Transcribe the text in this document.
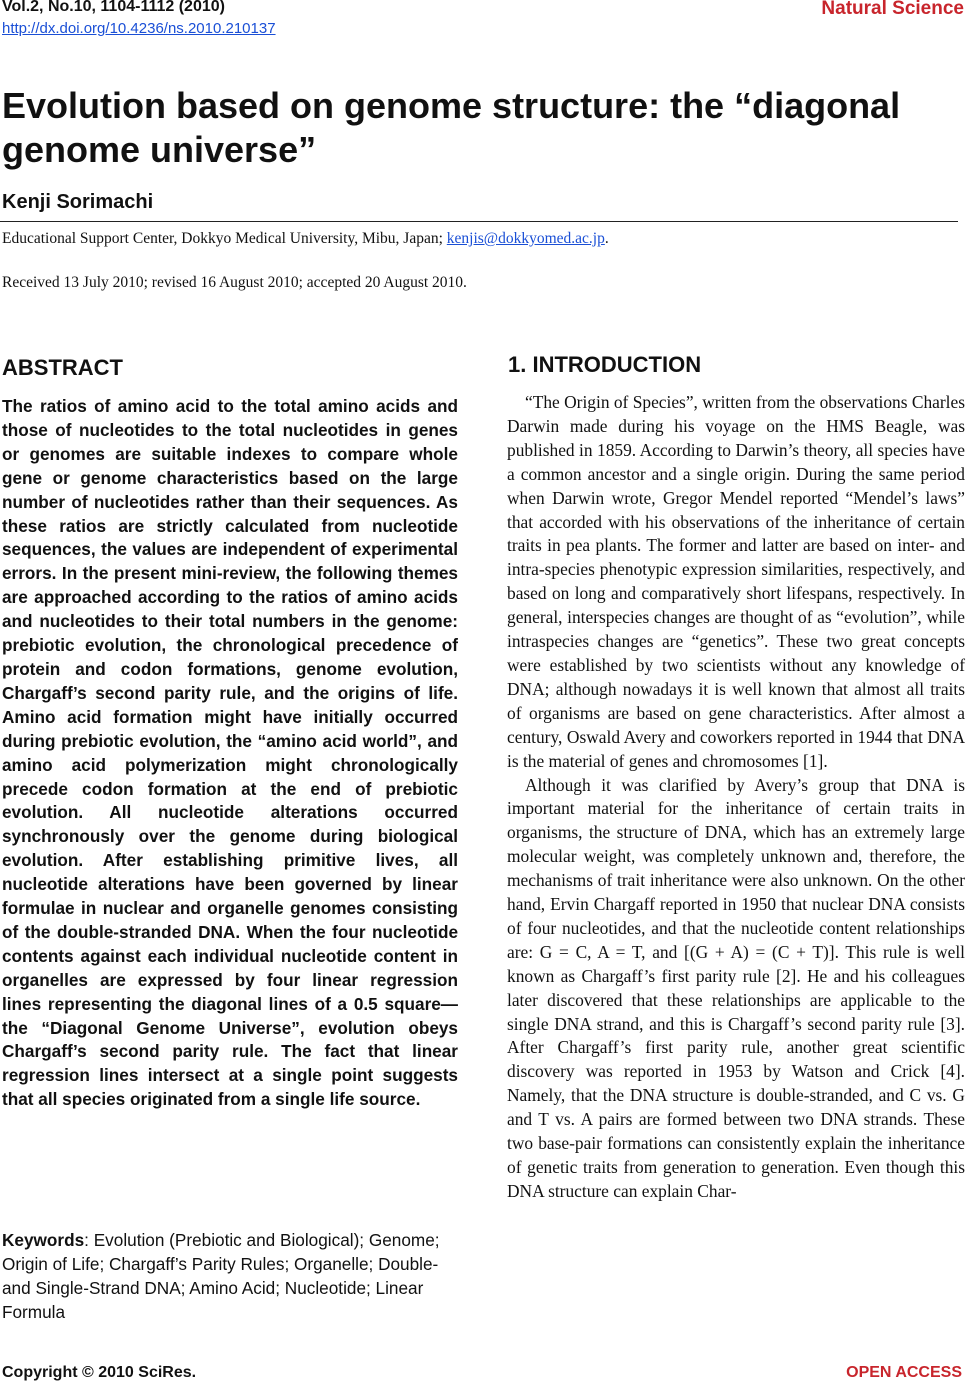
Vol.2, No.10, 1104-1112 (2010)
http://dx.doi.org/10.4236/ns.2010.210137
Natural Science
Evolution based on genome structure: the “diagonal genome universe”
Kenji Sorimachi
Educational Support Center, Dokkyo Medical University, Mibu, Japan; kenjis@dokkyomed.ac.jp.
Received 13 July 2010; revised 16 August 2010; accepted 20 August 2010.
ABSTRACT

The ratios of amino acid to the total amino acids and those of nucleotides to the total nucleotides in genes or genomes are suitable indexes to compare whole gene or genome characteristics based on the large number of nucleotides rather than their sequences. As these ratios are strictly calculated from nucleotide sequences, the values are independent of experimental errors. In the present mini-review, the following themes are approached according to the ratios of amino acids and nucleotides to their total numbers in the genome: prebiotic evolution, the chronological precedence of protein and codon formations, genome evolution, Chargaff’s second parity rule, and the origins of life. Amino acid formation might have initially occurred during prebiotic evolution, the “amino acid world”, and amino acid polymerization might chronologically precede codon formation at the end of prebiotic evolution. All nucleotide alterations occurred synchronously over the genome during biological evolution. After establishing primitive lives, all nucleotide alterations have been governed by linear formulae in nuclear and organelle genomes consisting of the double-stranded DNA. When the four nucleotide contents against each individual nucleotide content in organelles are expressed by four linear regression lines representing the diagonal lines of a 0.5 square—the “Diagonal Genome Universe”, evolution obeys Chargaff’s second parity rule. The fact that linear regression lines intersect at a single point suggests that all species originated from a single life source.

Keywords: Evolution (Prebiotic and Biological); Genome; Origin of Life; Chargaff’s Parity Rules; Organelle; Double- and Single-Strand DNA; Amino Acid; Nucleotide; Linear Formula

1. INTRODUCTION

“The Origin of Species”, written from the observations Charles Darwin made during his voyage on the HMS Beagle, was published in 1859. According to Darwin’s theory, all species have a common ancestor and a single origin. During the same period when Darwin wrote, Gregor Mendel reported “Mendel’s laws” that accorded with his observations of the inheritance of certain traits in pea plants. The former and latter are based on inter- and intra-species phenotypic expression similarities, respectively, and based on long and comparatively short lifespans, respectively. In general, interspecies changes are thought of as “evolution”, while intraspecies changes are “genetics”. These two great concepts were established by two scientists without any knowledge of DNA; although nowadays it is well known that almost all traits of organisms are based on gene characteristics. After almost a century, Oswald Avery and coworkers reported in 1944 that DNA is the material of genes and chromosomes [1].

Although it was clarified by Avery’s group that DNA is important material for the inheritance of certain traits in organisms, the structure of DNA, which has an extremely large molecular weight, was completely unknown and, therefore, the mechanisms of trait inheritance were also unknown. On the other hand, Ervin Chargaff reported in 1950 that nuclear DNA consists of four nucleotides, and that the nucleotide content relationships are: G = C, A = T, and [(G + A) = (C + T)]. This rule is well known as Chargaff’s first parity rule [2]. He and his colleagues later discovered that these relationships are applicable to the single DNA strand, and this is Chargaff’s second parity rule [3]. After Chargaff’s first parity rule, another great scientific discovery was reported in 1953 by Watson and Crick [4]. Namely, that the DNA structure is double-stranded, and C vs. G and T vs. A pairs are formed between two DNA strands. These two base-pair formations can consistently explain the inheritance of genetic traits from generation to generation. Even though this DNA structure can explain Char-

Copyright © 2010 SciRes.	OPEN ACCESS
